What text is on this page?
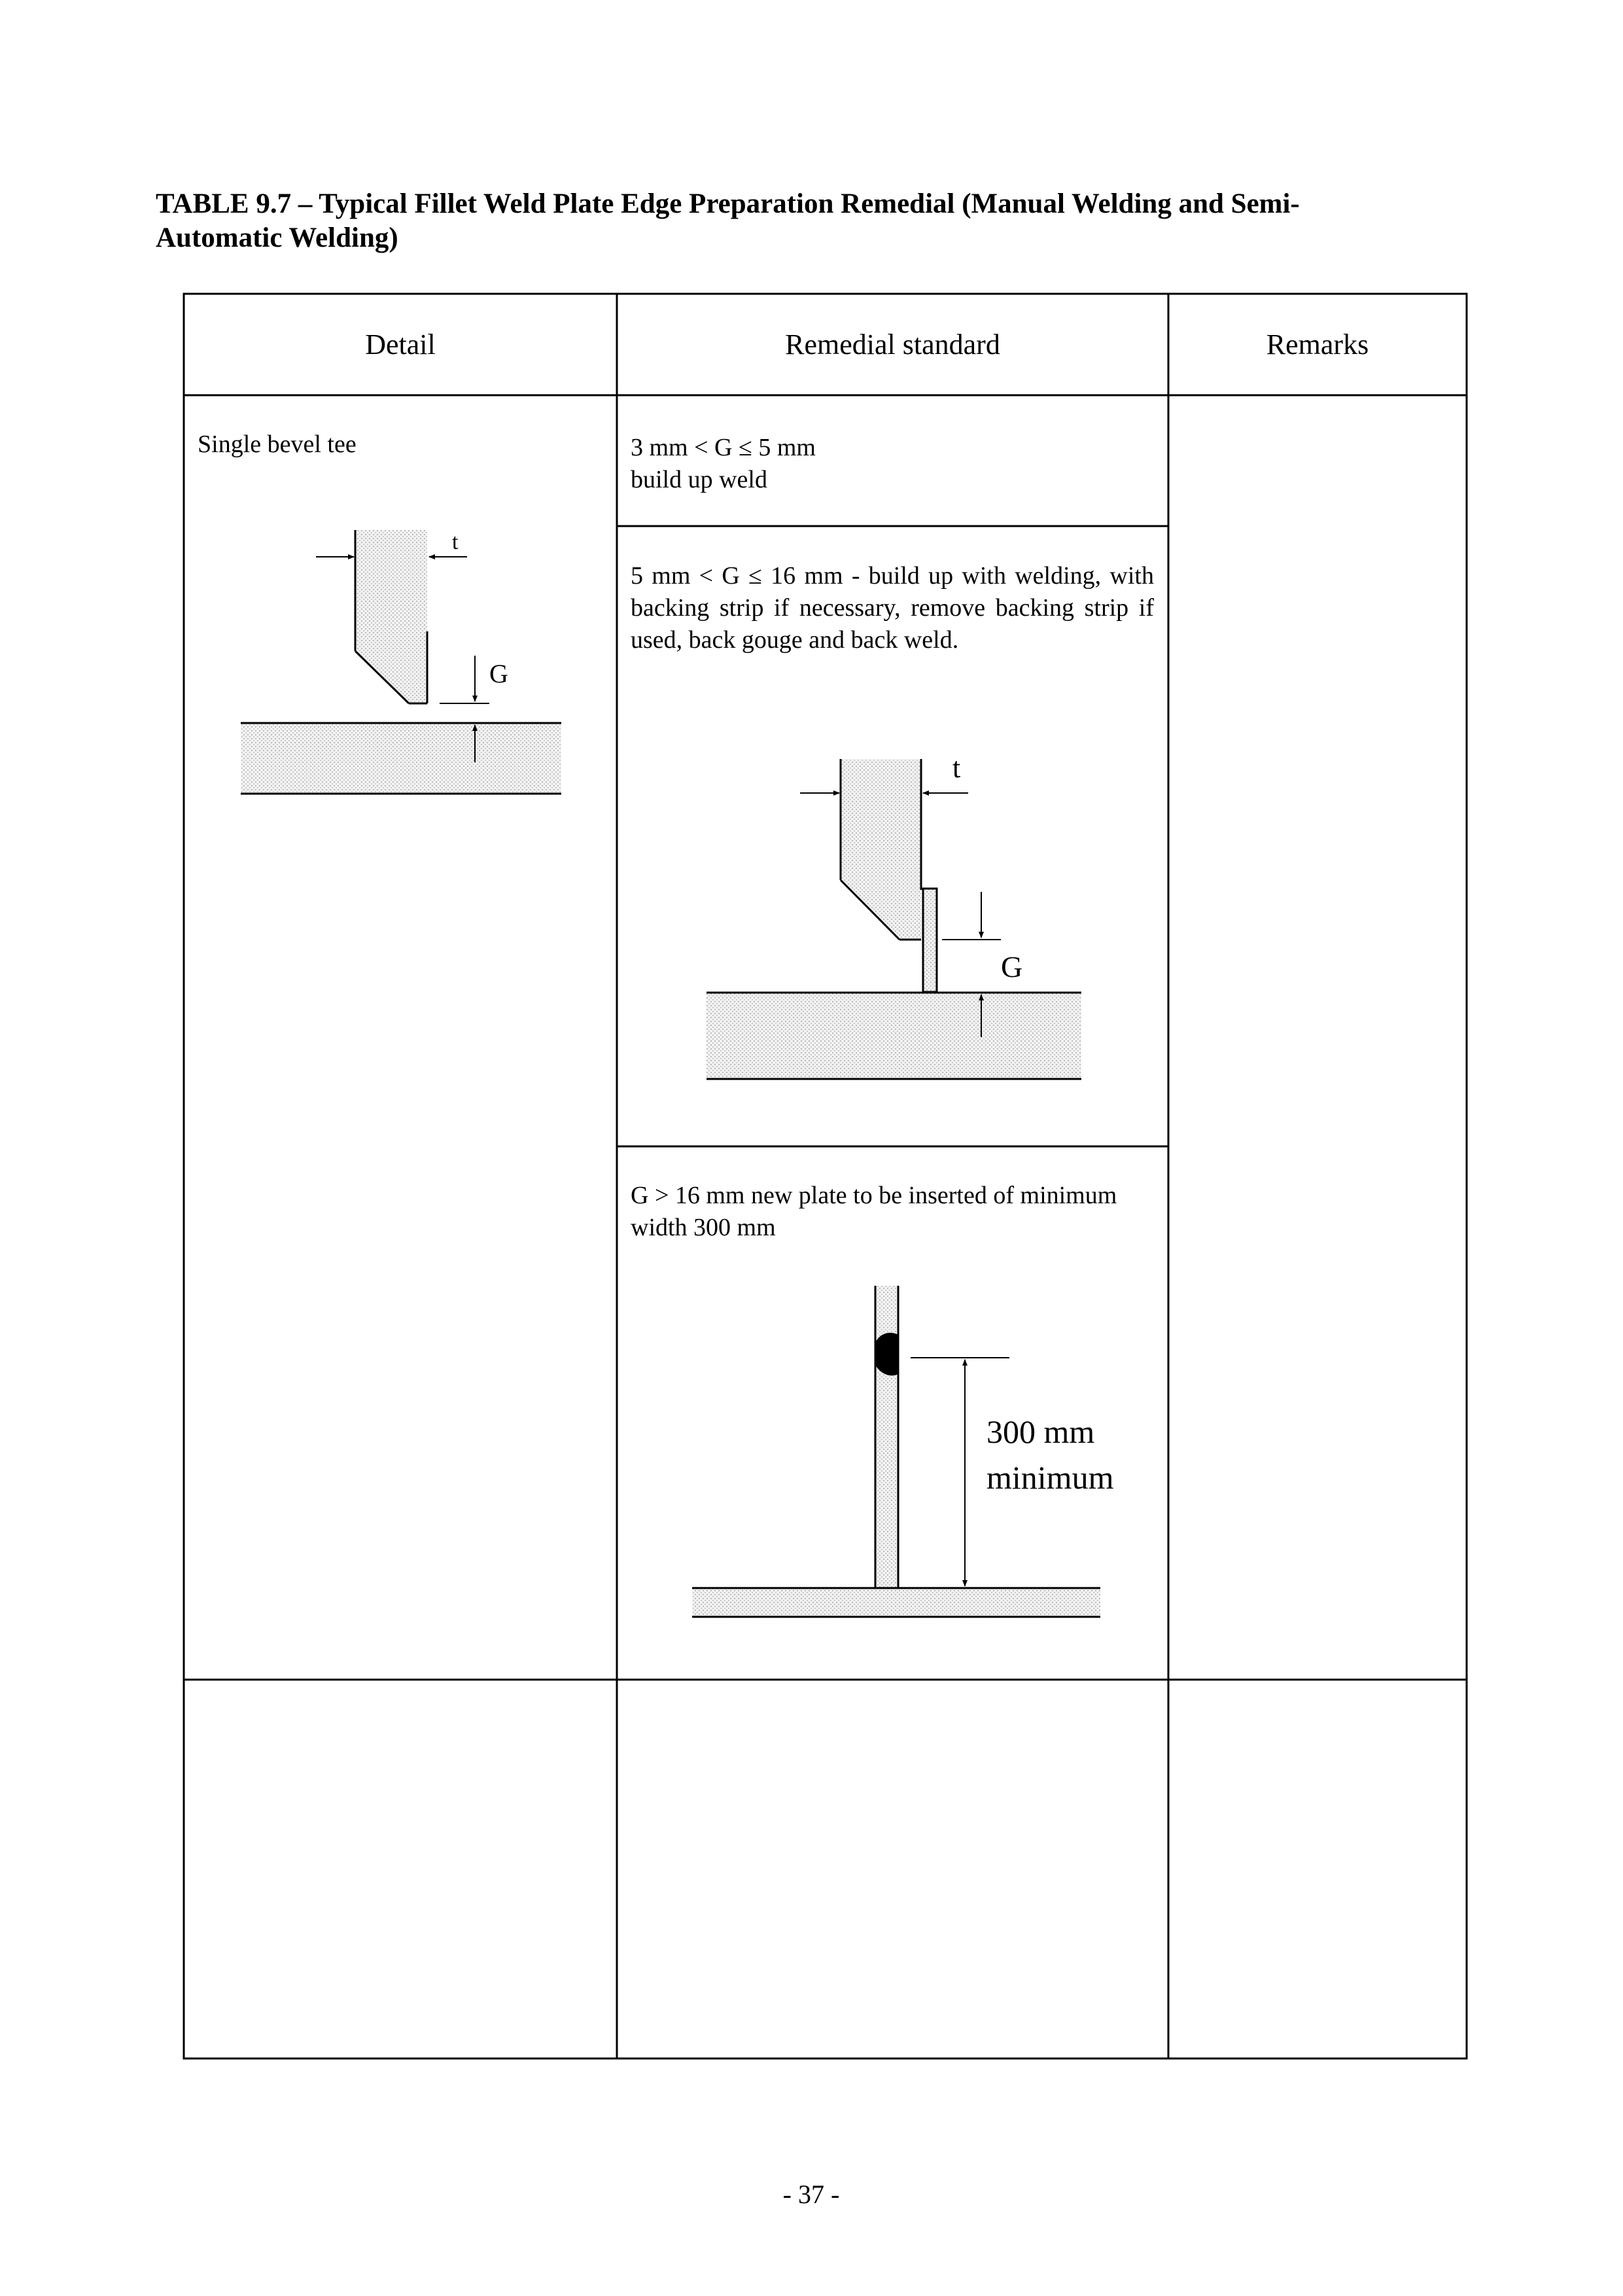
TABLE 9.7 – Typical Fillet Weld Plate Edge Preparation Remedial (Manual Welding and Semi-Automatic Welding)

t
G
t
G
300 mm
minimum

Detail	Remedial standard	Remarks

Single bevel tee	3 mm < G ≤ 5 mm
build up weld

5 mm < G ≤ 16 mm - build up with welding, with backing strip if necessary, remove backing strip if used, back gouge and back weld.

G > 16 mm new plate to be inserted of minimum width 300 mm

- 37 -
